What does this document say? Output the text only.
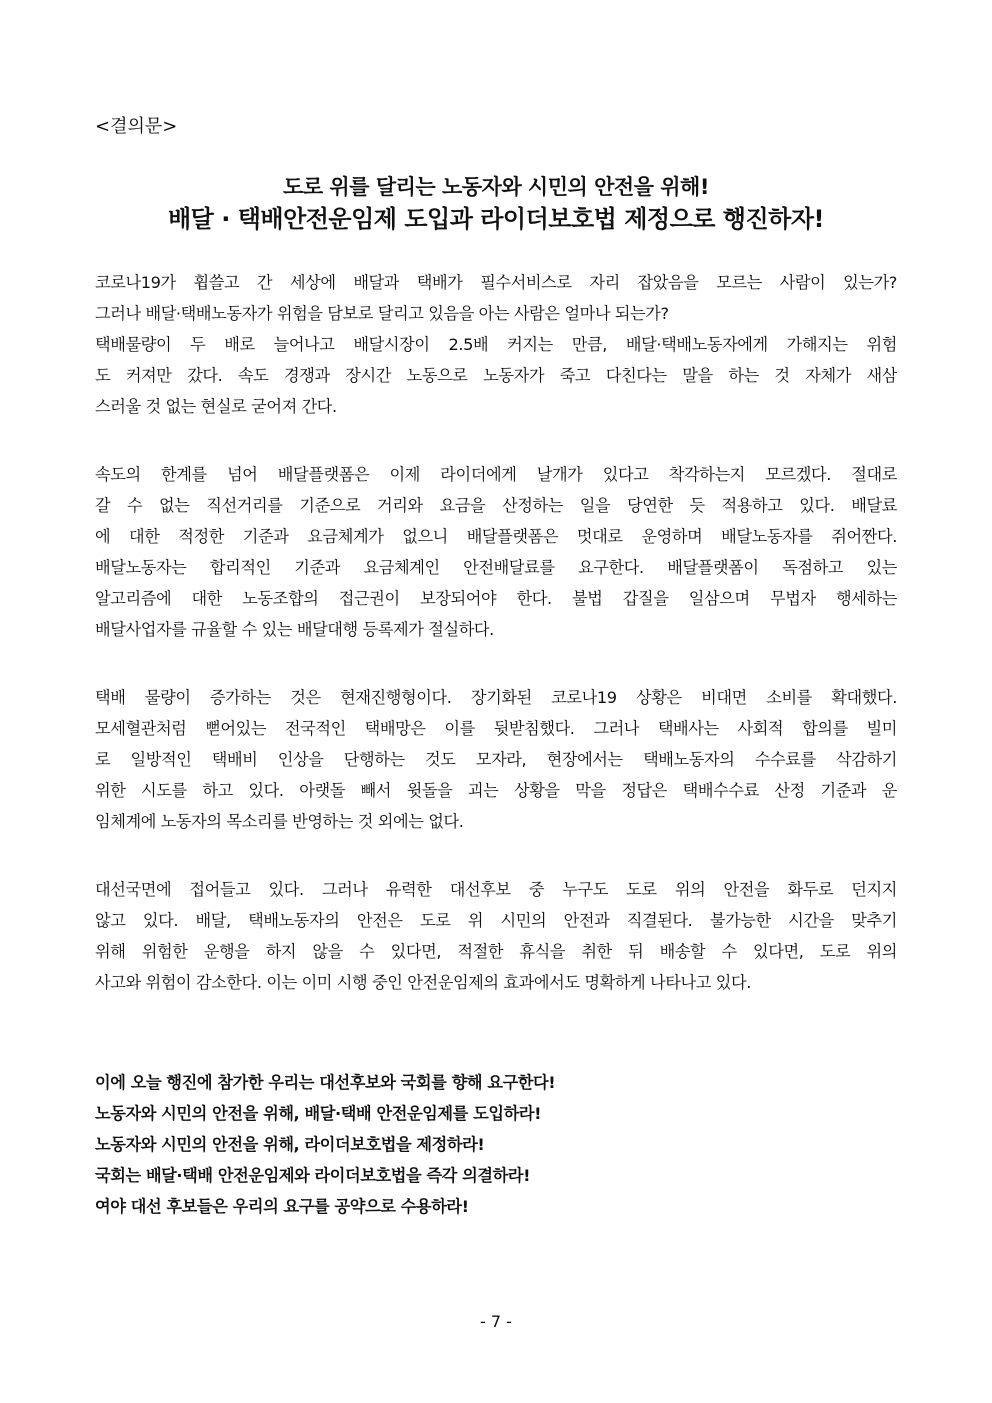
<결의문>
도로 위를 달리는 노동자와 시민의 안전을 위해!
배달 · 택배안전운임제 도입과 라이더보호법 제정으로 행진하자!
코로나19가 휩쓸고 간 세상에 배달과 택배가 필수서비스로 자리 잡았음을 모르는 사람이 있는가?
그러나 배달·택배노동자가 위험을 담보로 달리고 있음을 아는 사람은 얼마나 되는가?
택배물량이 두 배로 늘어나고 배달시장이 2.5배 커지는 만큼, 배달·택배노동자에게 가해지는 위험
도 커져만 갔다. 속도 경쟁과 장시간 노동으로 노동자가 죽고 다친다는 말을 하는 것 자체가 새삼
스러울 것 없는 현실로 굳어져 간다.
속도의 한계를 넘어 배달플랫폼은 이제 라이더에게 날개가 있다고 착각하는지 모르겠다. 절대로
갈 수 없는 직선거리를 기준으로 거리와 요금을 산정하는 일을 당연한 듯 적용하고 있다. 배달료
에 대한 적정한 기준과 요금체계가 없으니 배달플랫폼은 멋대로 운영하며 배달노동자를 쥐어짠다.
배달노동자는 합리적인 기준과 요금체계인 안전배달료를 요구한다. 배달플랫폼이 독점하고 있는
알고리즘에 대한 노동조합의 접근권이 보장되어야 한다. 불법 갑질을 일삼으며 무법자 행세하는
배달사업자를 규율할 수 있는 배달대행 등록제가 절실하다.
택배 물량이 증가하는 것은 현재진행형이다. 장기화된 코로나19 상황은 비대면 소비를 확대했다.
모세혈관처럼 뻗어있는 전국적인 택배망은 이를 뒷받침했다. 그러나 택배사는 사회적 합의를 빌미
로 일방적인 택배비 인상을 단행하는 것도 모자라, 현장에서는 택배노동자의 수수료를 삭감하기
위한 시도를 하고 있다. 아랫돌 빼서 윗돌을 괴는 상황을 막을 정답은 택배수수료 산정 기준과 운
임체계에 노동자의 목소리를 반영하는 것 외에는 없다.
대선국면에 접어들고 있다. 그러나 유력한 대선후보 중 누구도 도로 위의 안전을 화두로 던지지
않고 있다. 배달, 택배노동자의 안전은 도로 위 시민의 안전과 직결된다. 불가능한 시간을 맞추기
위해 위험한 운행을 하지 않을 수 있다면, 적절한 휴식을 취한 뒤 배송할 수 있다면, 도로 위의
사고와 위험이 감소한다. 이는 이미 시행 중인 안전운임제의 효과에서도 명확하게 나타나고 있다.
이에 오늘 행진에 참가한 우리는 대선후보와 국회를 향해 요구한다!
노동자와 시민의 안전을 위해, 배달·택배 안전운임제를 도입하라!
노동자와 시민의 안전을 위해, 라이더보호법을 제정하라!
국회는 배달·택배 안전운임제와 라이더보호법을 즉각 의결하라!
여야 대선 후보들은 우리의 요구를 공약으로 수용하라!
- 7 -
